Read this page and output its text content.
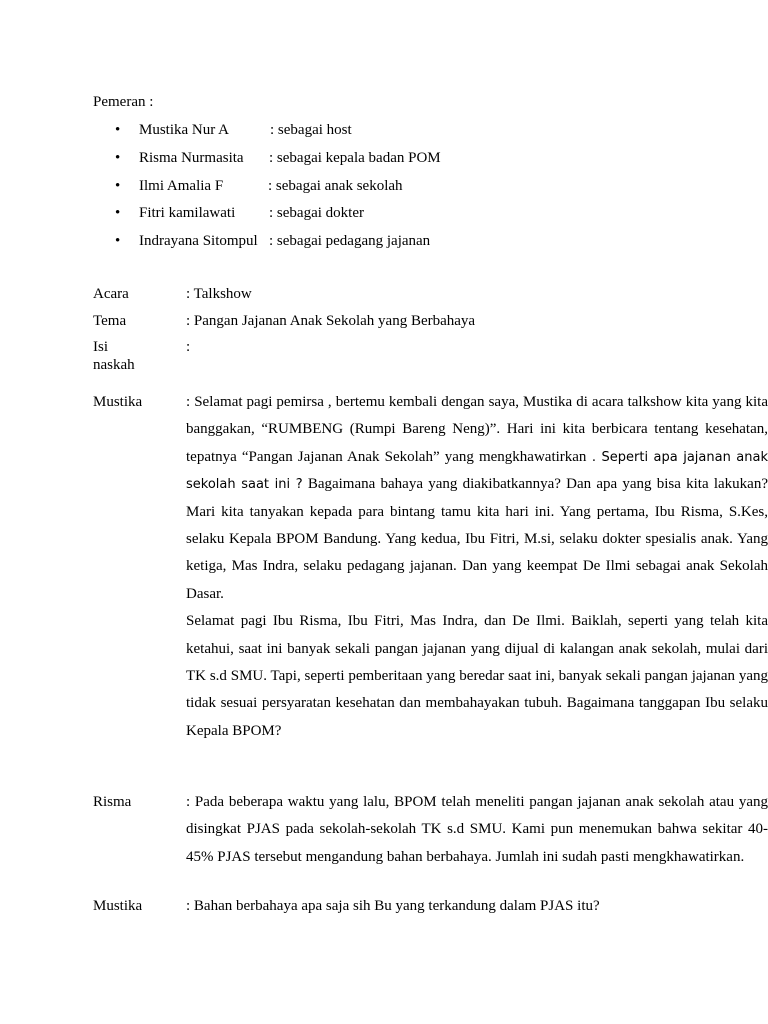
Pemeran :
• Mustika Nur A	: sebagai host
• Risma Nurmasita : sebagai kepala badan POM
• Ilmi Amalia F	: sebagai anak sekolah
• Fitri kamilawati : sebagai dokter
• Indrayana Sitompul : sebagai pedagang jajanan
Acara	: Talkshow
Tema	: Pangan Jajanan Anak Sekolah yang Berbahaya
Isi naskah
:
Mustika	: Selamat pagi pemirsa , bertemu kembali dengan saya, Mustika di acara talkshow kita yang kita banggakan, “RUMBENG (Rumpi Bareng Neng)”. Hari ini kita berbicara tentang kesehatan, tepatnya “Pangan Jajanan Anak Sekolah” yang mengkhawatirkan . Seperti apa jajanan anak sekolah saat ini ? Bagaimana bahaya yang diakibatkannya? Dan apa yang bisa kita lakukan? Mari kita tanyakan kepada para bintang tamu kita hari ini. Yang pertama, Ibu Risma, S.Kes, selaku Kepala BPOM Bandung. Yang kedua, Ibu Fitri, M.si, selaku dokter spesialis anak. Yang ketiga, Mas Indra, selaku pedagang jajanan. Dan yang keempat De Ilmi sebagai anak Sekolah Dasar.

Selamat pagi Ibu Risma, Ibu Fitri, Mas Indra, dan De Ilmi. Baiklah, seperti yang telah kita ketahui, saat ini banyak sekali pangan jajanan yang dijual di kalangan anak sekolah, mulai dari TK s.d SMU. Tapi, seperti pemberitaan yang beredar saat ini, banyak sekali pangan jajanan yang tidak sesuai persyaratan kesehatan dan membahayakan tubuh. Bagaimana tanggapan Ibu selaku Kepala BPOM?

Risma	: Pada beberapa waktu yang lalu, BPOM telah meneliti pangan jajanan anak sekolah atau yang disingkat PJAS pada sekolah-sekolah TK s.d SMU. Kami pun menemukan bahwa sekitar 40-45% PJAS tersebut mengandung bahan berbahaya. Jumlah ini sudah pasti mengkhawatirkan.

Mustika	: Bahan berbahaya apa saja sih Bu yang terkandung dalam PJAS itu?
